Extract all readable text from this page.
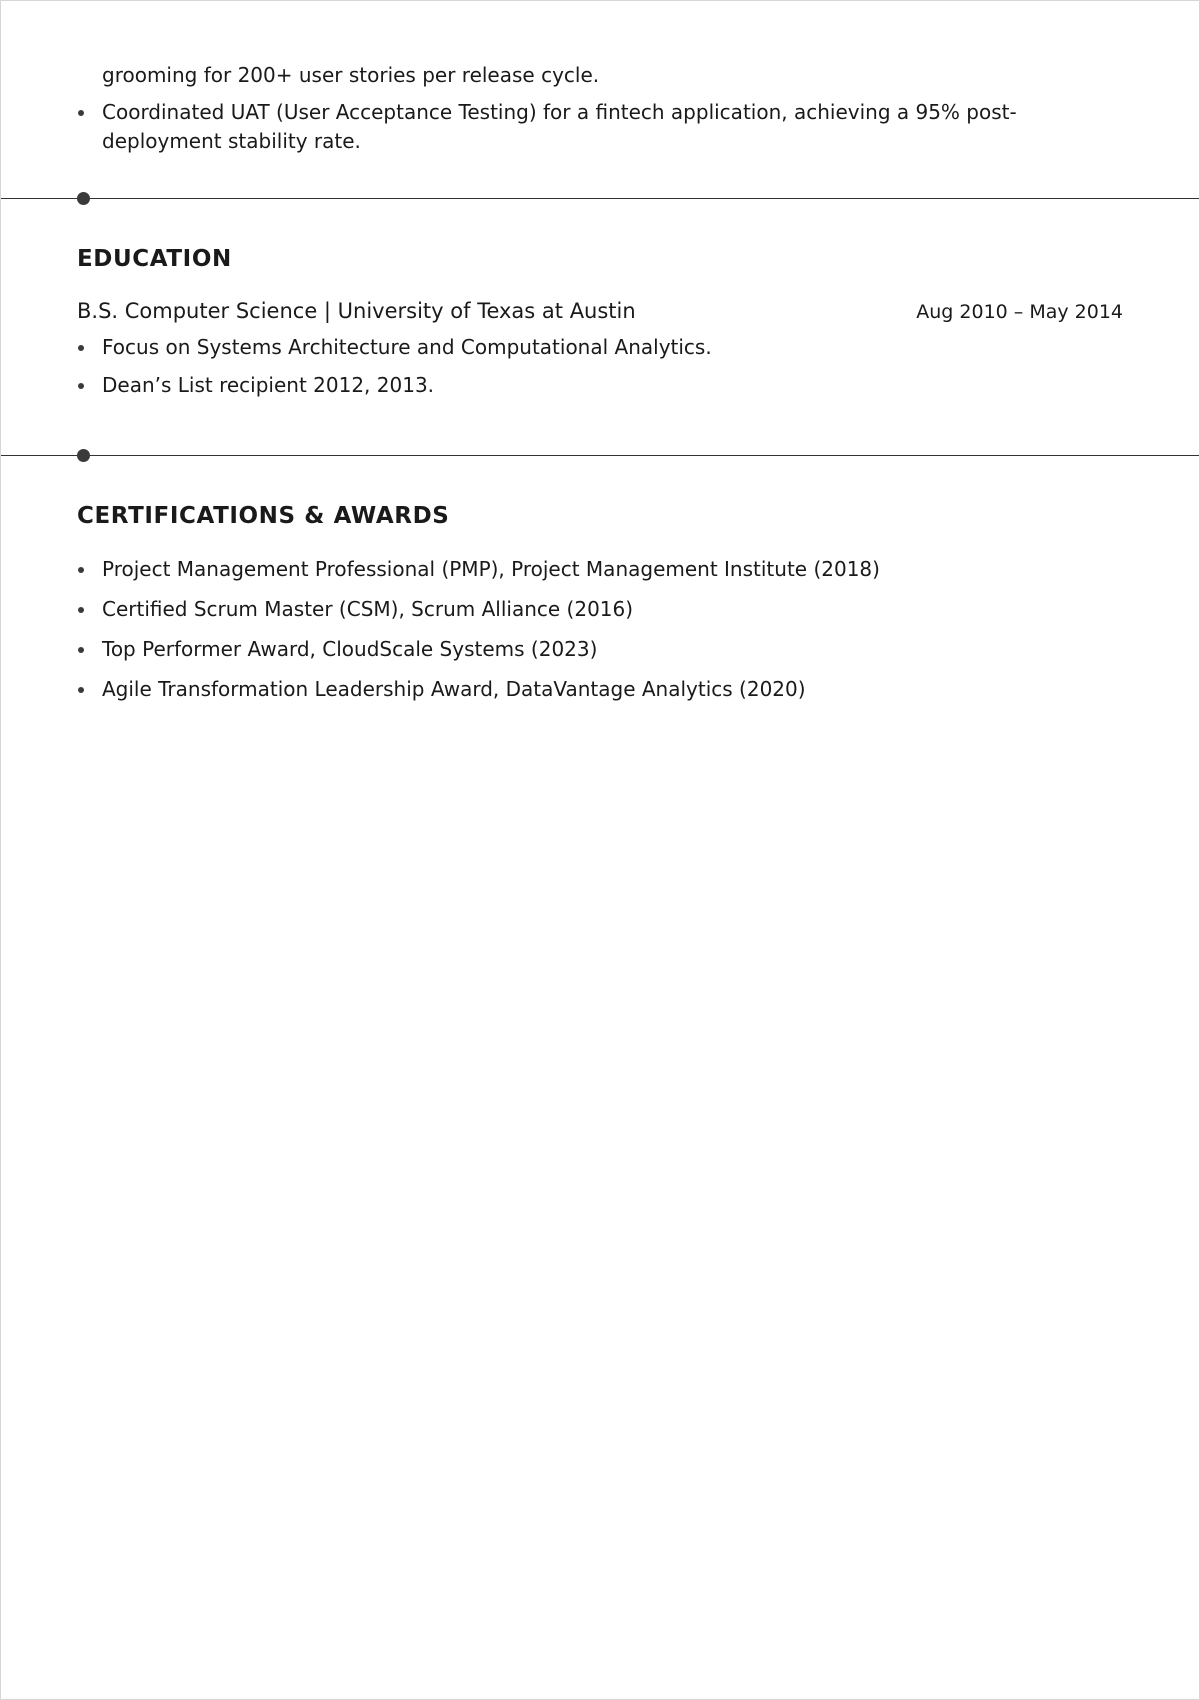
grooming for 200+ user stories per release cycle.
Coordinated UAT (User Acceptance Testing) for a fintech application, achieving a 95% post-deployment stability rate.
EDUCATION
B.S. Computer Science | University of Texas at Austin	Aug 2010 – May 2014
Focus on Systems Architecture and Computational Analytics.
Dean’s List recipient 2012, 2013.
CERTIFICATIONS & AWARDS
Project Management Professional (PMP), Project Management Institute (2018)
Certified Scrum Master (CSM), Scrum Alliance (2016)
Top Performer Award, CloudScale Systems (2023)
Agile Transformation Leadership Award, DataVantage Analytics (2020)
